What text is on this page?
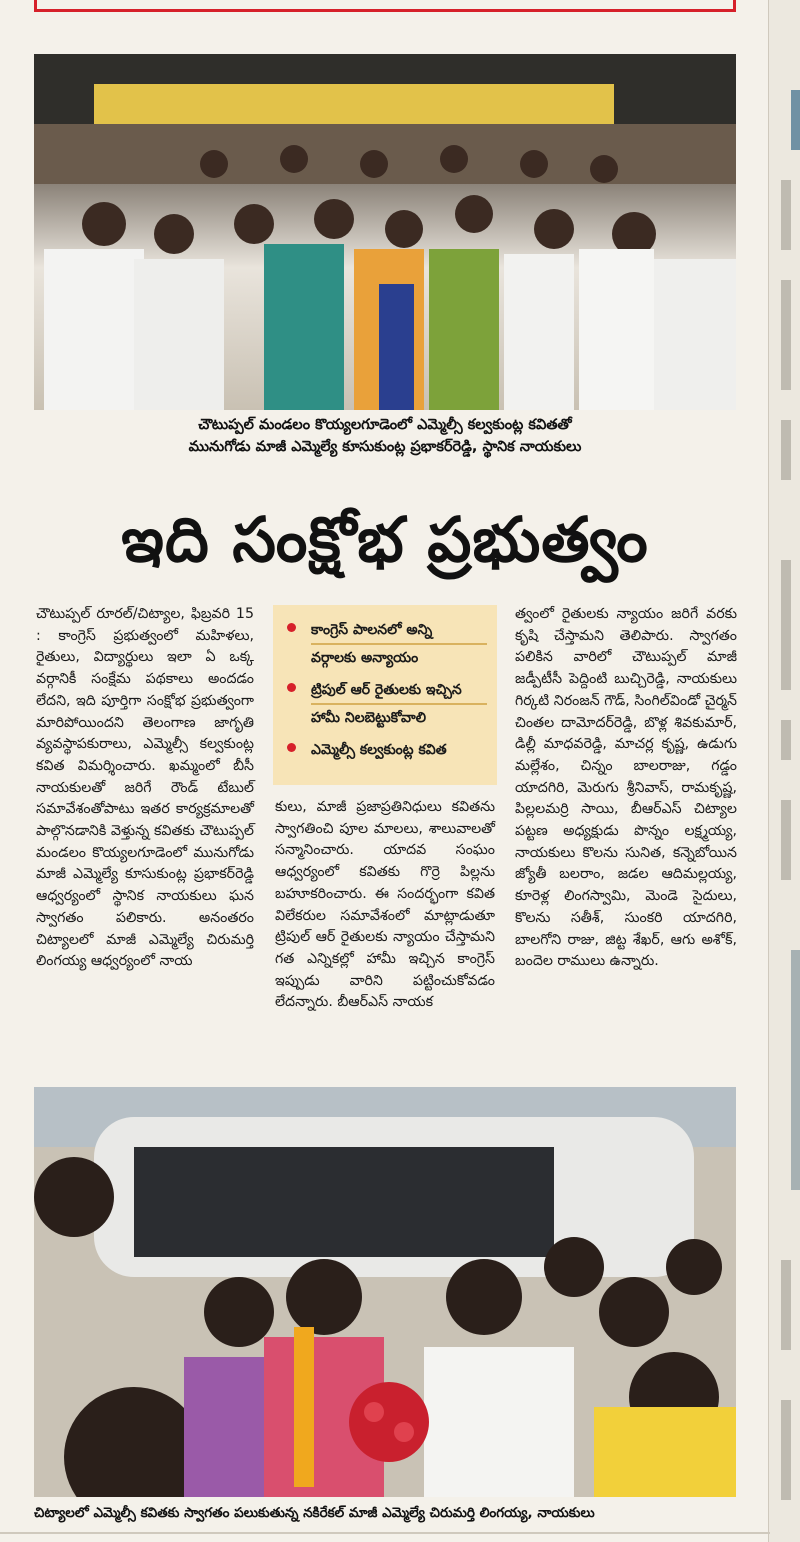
చౌటుప్పల్ మండలం కొయ్యలగూడెంలో ఎమ్మెల్సీ కల్వకుంట్ల కవితతో
మునుగోడు మాజీ ఎమ్మెల్యే కూసుకుంట్ల ప్రభాకర్‌రెడ్డి, స్థానిక నాయకులు
ఇది సంక్షోభ ప్రభుత్వం

చౌటుప్పల్ రూరల్/చిట్యాల, ఫిబ్రవరి 15 : కాంగ్రెస్ ప్రభుత్వంలో మహిళలు, రైతులు, విద్యార్థులు ఇలా ఏ ఒక్క వర్గానికీ సంక్షేమ పథకాలు అందడం లేదని, ఇది పూర్తిగా సంక్షోభ ప్రభుత్వంగా మారిపోయిందని తెలంగాణ జాగృతి వ్యవస్థాపకురాలు, ఎమ్మెల్సీ కల్వకుంట్ల కవిత విమర్శించారు. ఖమ్మంలో బీసీ నాయకులతో జరిగే రౌండ్ టేబుల్ సమావేశంతోపాటు ఇతర కార్యక్రమాలతో పాల్గొనడానికి వెళ్తున్న కవితకు చౌటుప్పల్ మండలం కొయ్యలగూడెంలో మునుగోడు మాజీ ఎమ్మెల్యే కూసుకుంట్ల ప్రభాకర్‌రెడ్డి ఆధ్వర్యంలో స్థానిక నాయకులు ఘన స్వాగతం పలికారు. అనంతరం చిట్యాలలో మాజీ ఎమ్మెల్యే చిరుమర్తి లింగయ్య ఆధ్వర్యంలో నాయ

కాంగ్రెస్ పాలనలో అన్ని
వర్గాలకు అన్యాయం
ట్రిపుల్ ఆర్ రైతులకు ఇచ్చిన
హామీ నిలబెట్టుకోవాలి
ఎమ్మెల్సీ కల్వకుంట్ల కవిత

కులు, మాజీ ప్రజాప్రతినిధులు కవితను స్వాగతించి పూల మాలలు, శాలువాలతో సన్మానించారు. యాదవ సంఘం ఆధ్వర్యంలో కవితకు గొర్రె పిల్లను బహూకరించారు. ఈ సందర్భంగా కవిత విలేకరుల సమావేశంలో మాట్లాడుతూ ట్రిపుల్ ఆర్ రైతులకు న్యాయం చేస్తామని గత ఎన్నికల్లో హామీ ఇచ్చిన కాంగ్రెస్ ఇప్పుడు వారిని పట్టించుకోవడం లేదన్నారు. బీఆర్‌ఎస్ నాయక

త్వంలో రైతులకు న్యాయం జరిగే వరకు కృషి చేస్తామని తెలిపారు. స్వాగతం పలికిన వారిలో చౌటుప్పల్ మాజీ జడ్పీటీసీ పెద్దింటి బుచ్చిరెడ్డి, నాయకులు గిర్కటి నిరంజన్ గౌడ్, సింగిల్‌విండో చైర్మన్ చింతల దామోదర్‌రెడ్డి, బొళ్ల శివకుమార్, డిల్లీ మాధవరెడ్డి, మాచర్ల కృష్ణ, ఉడుగు మల్లేశం, చిన్నం బాలరాజు, గడ్డం యాదగిరి, మెరుగు శ్రీనివాస్, రామకృష్ణ, పిల్లలమర్రి సాయి, బీఆర్‌ఎస్ చిట్యాల పట్టణ అధ్యక్షుడు పొన్నం లక్ష్మయ్య, నాయకులు కొలను సునిత, కన్నెబోయిన జ్యోతీ బలరాం, జడల ఆదిమల్లయ్య, కూరెళ్ల లింగస్వామి, మెండె సైదులు, కొలను సతీశ్, సుంకరి యాదగిరి, బాలగోని రాజు, జిట్ట శేఖర్, ఆగు అశోక్, బందెల రాములు ఉన్నారు.

చిట్యాలలో ఎమ్మెల్సీ కవితకు స్వాగతం పలుకుతున్న నకిరేకల్ మాజీ ఎమ్మెల్యే చిరుమర్తి లింగయ్య, నాయకులు
